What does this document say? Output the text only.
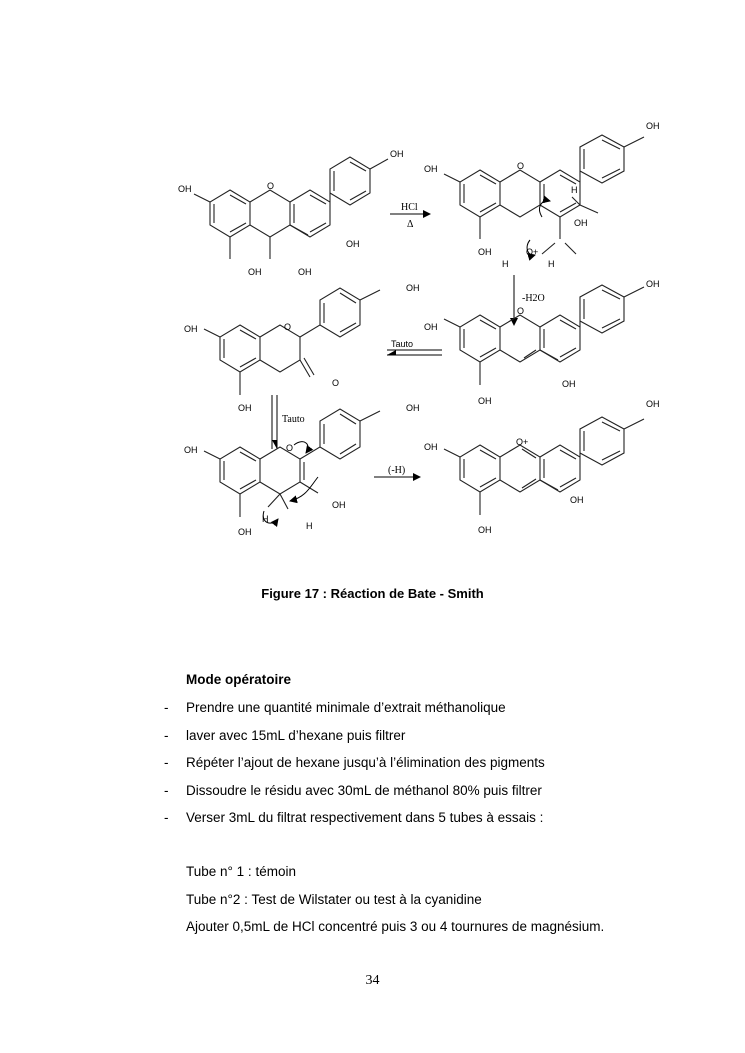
OH
OH	O
OH
OH	OH
HCl
Δ
OH
OH	O
H
OH
OH	O+
H	H
-H2O
OH
OH
O
OH
OH
Tauto
OH
OH	O
O
OH
Tauto
OH
OH	O
OH
H
H
OH
(-H)
OH
OH	O+
OH
OH
Figure 17 : Réaction de Bate - Smith
Mode opératoire
- Prendre une quantité minimale d’extrait méthanolique
- laver avec 15mL d’hexane puis filtrer
- Répéter l’ajout de hexane jusqu’à l’élimination des pigments
- Dissoudre le résidu avec 30mL de méthanol 80% puis filtrer
- Verser 3mL du filtrat respectivement dans 5 tubes à essais :
Tube n° 1 : témoin
Tube n°2 : Test de Wilstater ou test à la cyanidine
Ajouter 0,5mL de HCl concentré puis 3 ou 4 tournures de magnésium.
34
